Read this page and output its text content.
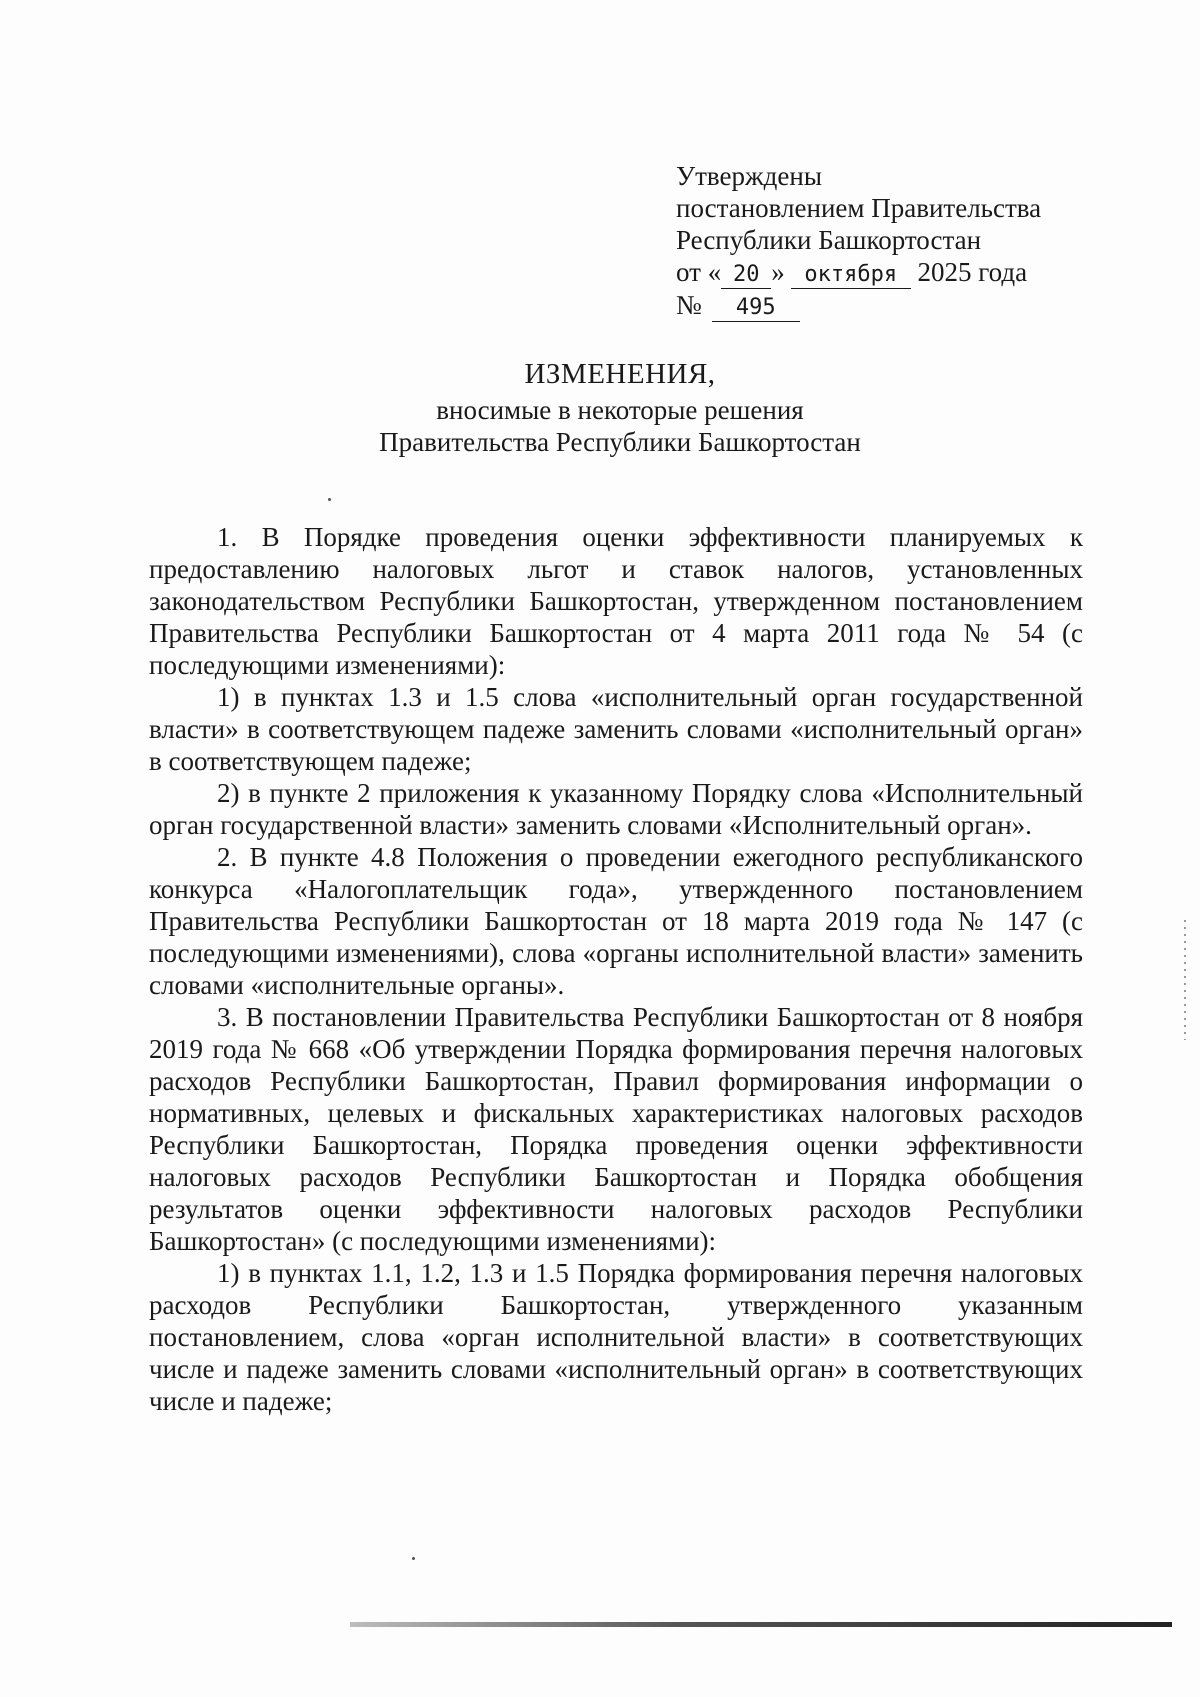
Утверждены
постановлением Правительства
Республики Башкортостан
от « 20 » октября 2025 года
№ 495
ИЗМЕНЕНИЯ,
вносимые в некоторые решения
Правительства Республики Башкортостан

1. В Порядке проведения оценки эффективности планируемых к предоставлению налоговых льгот и ставок налогов, установленных законодательством Республики Башкортостан, утвержденном постановлением Правительства Республики Башкортостан от 4 марта 2011 года № 54 (с последующими изменениями):

1) в пунктах 1.3 и 1.5 слова «исполнительный орган государственной власти» в соответствующем падеже заменить словами «исполнительный орган» в соответствующем падеже;

2) в пункте 2 приложения к указанному Порядку слова «Исполнительный орган государственной власти» заменить словами «Исполнительный орган».

2. В пункте 4.8 Положения о проведении ежегодного республиканского конкурса «Налогоплательщик года», утвержденного постановлением Правительства Республики Башкортостан от 18 марта 2019 года № 147 (с последующими изменениями), слова «органы исполнительной власти» заменить словами «исполнительные органы».

3. В постановлении Правительства Республики Башкортостан от 8 ноября 2019 года № 668 «Об утверждении Порядка формирования перечня налоговых расходов Республики Башкортостан, Правил формирования информации о нормативных, целевых и фискальных характеристиках налоговых расходов Республики Башкортостан, Порядка проведения оценки эффективности налоговых расходов Республики Башкортостан и Порядка обобщения результатов оценки эффективности налоговых расходов Республики Башкортостан» (с последующими изменениями):

1) в пунктах 1.1, 1.2, 1.3 и 1.5 Порядка формирования перечня налоговых расходов Республики Башкортостан, утвержденного указанным постановлением, слова «орган исполнительной власти» в соответствующих числе и падеже заменить словами «исполнительный орган» в соответствующих числе и падеже;
